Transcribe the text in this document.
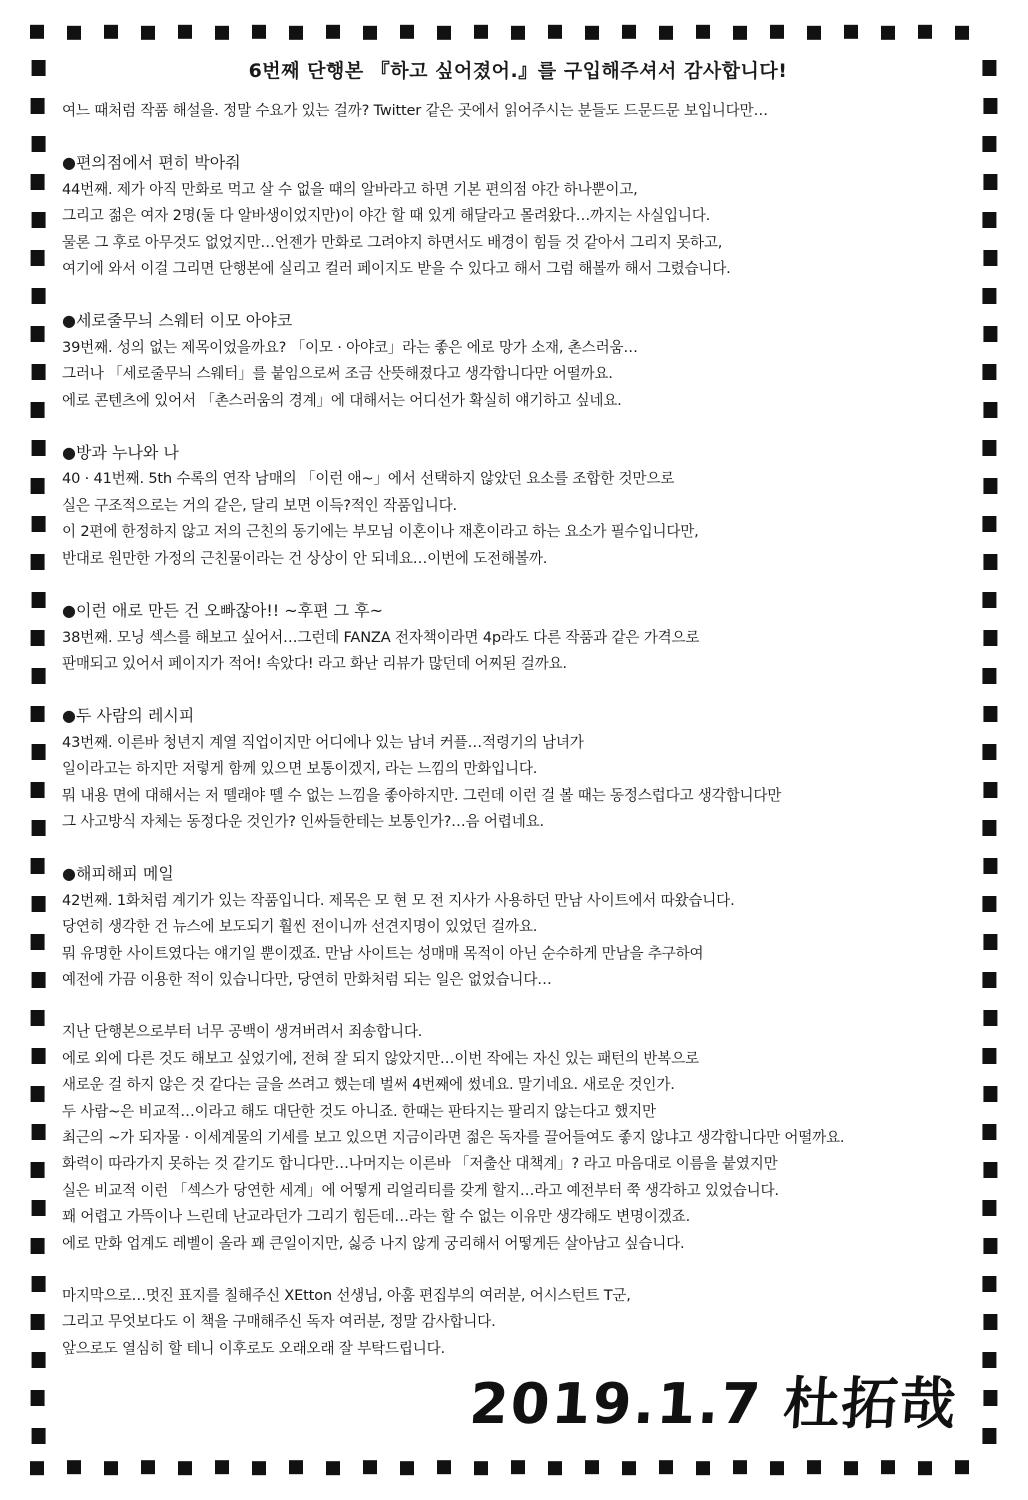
6번째 단행본 『하고 싶어졌어.』를 구입해주셔서 감사합니다!
여느 때처럼 작품 해설을. 정말 수요가 있는 걸까? Twitter 같은 곳에서 읽어주시는 분들도 드문드문 보입니다만…
●편의점에서 편히 박아줘
44번째. 제가 아직 만화로 먹고 살 수 없을 때의 알바라고 하면 기본 편의점 야간 하나뿐이고,
그리고 젊은 여자 2명(둘 다 알바생이었지만)이 야간 할 때 있게 해달라고 몰려왔다…까지는 사실입니다.
물론 그 후로 아무것도 없었지만…언젠가 만화로 그려야지 하면서도 배경이 힘들 것 같아서 그리지 못하고,
여기에 와서 이걸 그리면 단행본에 실리고 컬러 페이지도 받을 수 있다고 해서 그럼 해볼까 해서 그렸습니다.
●세로줄무늬 스웨터 이모 아야코
39번째. 성의 없는 제목이었을까요? 「이모 · 아야코」라는 좋은 에로 망가 소재, 촌스러움…
그러나 「세로줄무늬 스웨터」를 붙임으로써 조금 산뜻해졌다고 생각합니다만 어떨까요.
에로 콘텐츠에 있어서 「촌스러움의 경계」에 대해서는 어디선가 확실히 얘기하고 싶네요.
●방과 누나와 나
40 · 41번째. 5th 수록의 연작 남매의 「이런 애~」에서 선택하지 않았던 요소를 조합한 것만으로
실은 구조적으로는 거의 같은, 달리 보면 이득?적인 작품입니다.
이 2편에 한정하지 않고 저의 근친의 동기에는 부모님 이혼이나 재혼이라고 하는 요소가 필수입니다만,
반대로 원만한 가정의 근친물이라는 건 상상이 안 되네요…이번에 도전해볼까.
●이런 애로 만든 건 오빠잖아!! ~후편 그 후~
38번째. 모닝 섹스를 해보고 싶어서…그런데 FANZA 전자책이라면 4p라도 다른 작품과 같은 가격으로
판매되고 있어서 페이지가 적어! 속았다! 라고 화난 리뷰가 많던데 어찌된 걸까요.
●두 사람의 레시피
43번째. 이른바 청년지 계열 직업이지만 어디에나 있는 남녀 커플…적령기의 남녀가
일이라고는 하지만 저렇게 함께 있으면 보통이겠지, 라는 느낌의 만화입니다.
뭐 내용 면에 대해서는 저 뗄래야 뗄 수 없는 느낌을 좋아하지만. 그런데 이런 걸 볼 때는 동정스럽다고 생각합니다만
그 사고방식 자체는 동정다운 것인가? 인싸들한테는 보통인가?…음 어렵네요.
●해피해피 메일
42번째. 1화처럼 계기가 있는 작품입니다. 제목은 모 현 모 전 지사가 사용하던 만남 사이트에서 따왔습니다.
당연히 생각한 건 뉴스에 보도되기 훨씬 전이니까 선견지명이 있었던 걸까요.
뭐 유명한 사이트였다는 얘기일 뿐이겠죠. 만남 사이트는 성매매 목적이 아닌 순수하게 만남을 추구하여
예전에 가끔 이용한 적이 있습니다만, 당연히 만화처럼 되는 일은 없었습니다…
지난 단행본으로부터 너무 공백이 생겨버려서 죄송합니다.
에로 외에 다른 것도 해보고 싶었기에, 전혀 잘 되지 않았지만…이번 작에는 자신 있는 패턴의 반복으로
새로운 걸 하지 않은 것 같다는 글을 쓰려고 했는데 벌써 4번째에 썼네요. 말기네요. 새로운 것인가.
두 사람~은 비교적…이라고 해도 대단한 것도 아니죠. 한때는 판타지는 팔리지 않는다고 했지만
최근의 ~가 되자물 · 이세계물의 기세를 보고 있으면 지금이라면 젊은 독자를 끌어들여도 좋지 않냐고 생각합니다만 어떨까요.
화력이 따라가지 못하는 것 같기도 합니다만…나머지는 이른바 「저출산 대책계」? 라고 마음대로 이름을 붙였지만
실은 비교적 이런 「섹스가 당연한 세계」에 어떻게 리얼리티를 갖게 할지…라고 예전부터 쭉 생각하고 있었습니다.
꽤 어렵고 가뜩이나 느린데 난교라던가 그리기 힘든데…라는 할 수 없는 이유만 생각해도 변명이겠죠.
에로 만화 업계도 레벨이 올라 꽤 큰일이지만, 싫증 나지 않게 궁리해서 어떻게든 살아남고 싶습니다.
마지막으로…멋진 표지를 칠해주신 XEtton 선생님, 아훔 편집부의 여러분, 어시스턴트 T군,
그리고 무엇보다도 이 책을 구매해주신 독자 여러분, 정말 감사합니다.
앞으로도 열심히 할 테니 이후로도 오래오래 잘 부탁드립니다.
2019.1.7 杜拓哉
